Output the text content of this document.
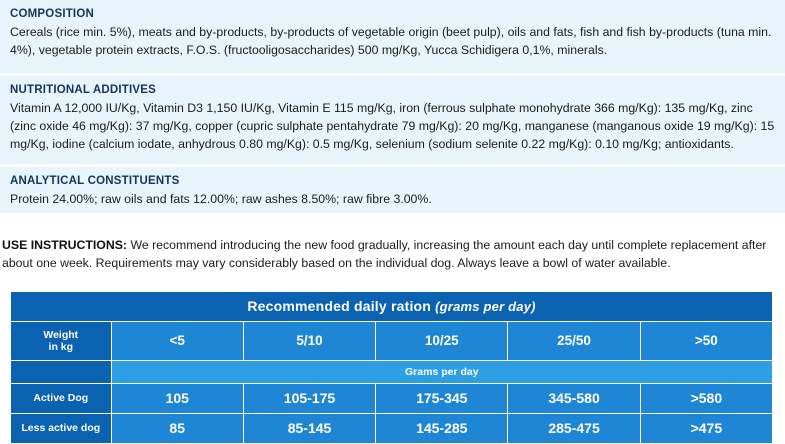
COMPOSITION
Cereals (rice min. 5%), meats and by-products, by-products of vegetable origin (beet pulp), oils and fats, fish and fish by-products (tuna min. 4%), vegetable protein extracts, F.O.S. (fructooligosaccharides) 500 mg/Kg, Yucca Schidigera 0,1%, minerals.
NUTRITIONAL ADDITIVES
Vitamin A 12,000 IU/Kg, Vitamin D3 1,150 IU/Kg, Vitamin E 115 mg/Kg, iron (ferrous sulphate monohydrate 366 mg/Kg): 135 mg/Kg, zinc (zinc oxide 46 mg/Kg): 37 mg/Kg, copper (cupric sulphate pentahydrate 79 mg/Kg): 20 mg/Kg, manganese (manganous oxide 19 mg/Kg): 15 mg/Kg, iodine (calcium iodate, anhydrous 0.80 mg/Kg): 0.5 mg/Kg, selenium (sodium selenite 0.22 mg/Kg): 0.10 mg/Kg; antioxidants.
ANALYTICAL CONSTITUENTS
Protein 24.00%; raw oils and fats 12.00%; raw ashes 8.50%; raw fibre 3.00%.
USE INSTRUCTIONS: We recommend introducing the new food gradually, increasing the amount each day until complete replacement after about one week. Requirements may vary considerably based on the individual dog. Always leave a bowl of water available.
Recommended daily ration (grams per day)					

Weight
in kg	<5	5/10	10/25	25/50	>50
	Grams per day				
Active Dog	105	105-175	175-345	345-580	>580
Less active dog	85	85-145	145-285	285-475	>475
